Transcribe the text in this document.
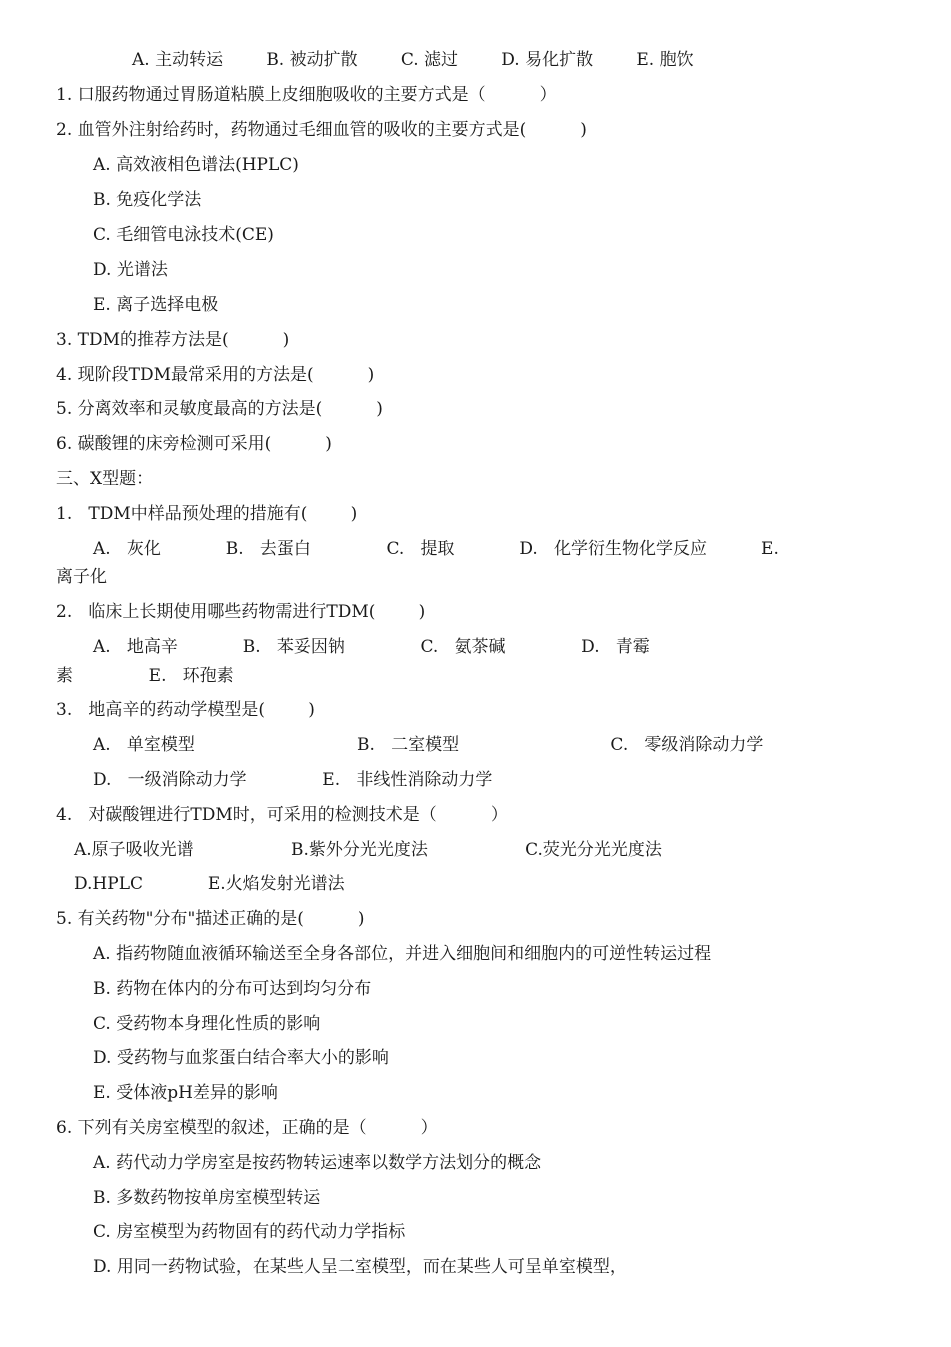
A. 主动转运        B. 被动扩散        C. 滤过        D. 易化扩散        E. 胞饮
1. 口服药物通过胃肠道粘膜上皮细胞吸收的主要方式是（          ）
2. 血管外注射给药时，药物通过毛细血管的吸收的主要方式是(          )
A. 高效液相色谱法(HPLC)
B. 免疫化学法
C. 毛细管电泳技术(CE)
D. 光谱法
E. 离子选择电极
3. TDM的推荐方法是(          )
4. 现阶段TDM最常采用的方法是(          )
5. 分离效率和灵敏度最高的方法是(          )
6. 碳酸锂的床旁检测可采用(          )
三、X型题：
1.   TDM中样品预处理的措施有(        )
A.   灰化            B.   去蛋白              C.   提取            D.   化学衍生物化学反应          E.
离子化
2.   临床上长期使用哪些药物需进行TDM(        )
A.   地高辛            B.   苯妥因钠              C.   氨茶碱              D.   青霉
素              E.   环孢素
3.   地高辛的药动学模型是(        )
A.   单室模型                              B.   二室模型                            C.   零级消除动力学
D.   一级消除动力学              E.   非线性消除动力学
4.   对碳酸锂进行TDM时，可采用的检测技术是（          ）
A.原子吸收光谱                  B.紫外分光光度法                  C.荧光分光光度法
D.HPLC            E.火焰发射光谱法
5. 有关药物"分布"描述正确的是(          )
A. 指药物随血液循环输送至全身各部位，并进入细胞间和细胞内的可逆性转运过程
B. 药物在体内的分布可达到均匀分布
C. 受药物本身理化性质的影响
D. 受药物与血浆蛋白结合率大小的影响
E. 受体液pH差异的影响
6. 下列有关房室模型的叙述，正确的是（          ）
A. 药代动力学房室是按药物转运速率以数学方法划分的概念
B. 多数药物按单房室模型转运
C. 房室模型为药物固有的药代动力学指标
D. 用同一药物试验，在某些人呈二室模型，而在某些人可呈单室模型，
